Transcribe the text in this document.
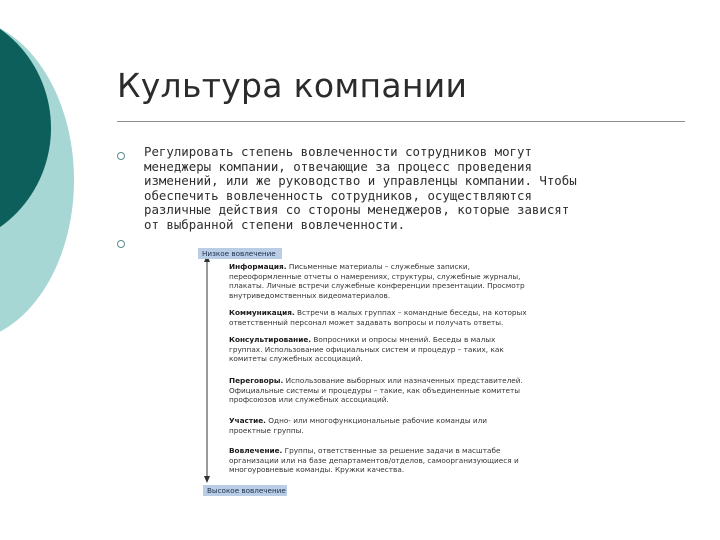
Культура компании
Регулировать степень вовлеченности сотрудников могут
менеджеры компании, отвечающие за процесс проведения
изменений, или же руководство и управленцы компании. Чтобы
обеспечить вовлеченность сотрудников, осуществляются
различные действия со стороны менеджеров, которые зависят
от выбранной степени вовлеченности.
Низкое вовлечение
Высокое вовлечение
Информация. Письменные материалы – служебные записки, переоформленные отчеты о намерениях, структуры, служебные журналы, плакаты. Личные встречи служебные конференции презентации. Просмотр внутриведомственных видеоматериалов.
Коммуникация. Встречи в малых группах – командные беседы, на которых ответственный персонал может задавать вопросы и получать ответы.
Консультирование. Вопросники и опросы мнений. Беседы в малых группах. Использование официальных систем и процедур – таких, как комитеты служебных ассоциаций.
Переговоры. Использование выборных или назначенных представителей. Официальные системы и процедуры – такие, как объединенные комитеты профсоюзов или служебных ассоциаций.
Участие. Одно- или многофункциональные рабочие команды или проектные группы.
Вовлечение. Группы, ответственные за решение задачи в масштабе организации или на базе департаментов/отделов, самоорганизующиеся и многоуровневые команды. Кружки качества.
